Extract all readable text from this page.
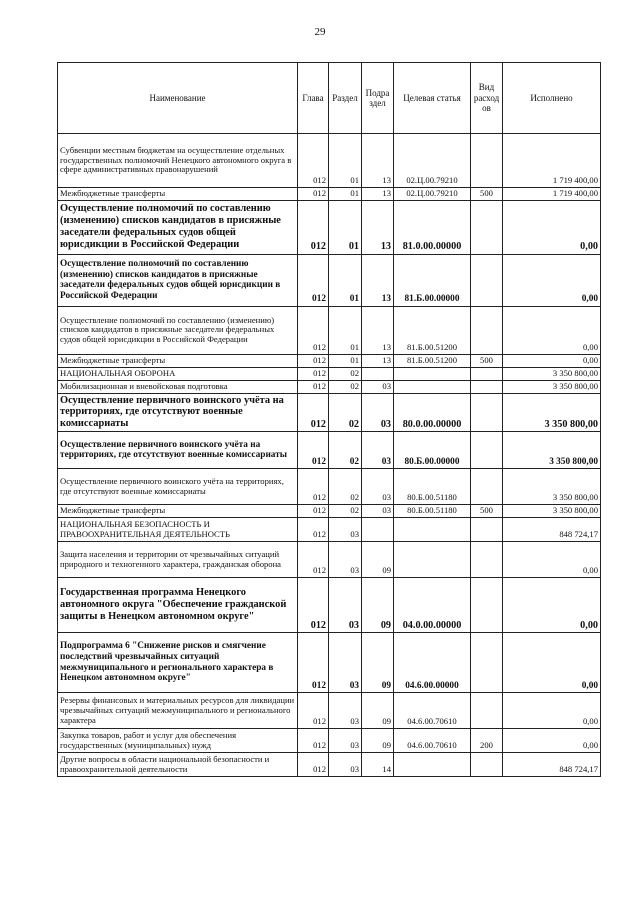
29
Наименование	Глава	Раздел	Подра здел	Целевая статья	Вид расход ов	Исполнено
Субвенции местным бюджетам на осуществление отдельных государственных полномочий Ненецкого автономного округа в сфере административных правонарушений	012	01	13	02.Ц.00.79210		1 719 400,00
Межбюджетные трансферты	012	01	13	02.Ц.00.79210	500	1 719 400,00
Осуществление полномочий по составлению (изменению) списков кандидатов в присяжные заседатели федеральных судов общей юрисдикции в Российской Федерации	012	01	13	81.0.00.00000		0,00
Осуществление полномочий по составлению (изменению) списков кандидатов в присяжные заседатели федеральных судов общей юрисдикции в Российской Федерации	012	01	13	81.Б.00.00000		0,00
Осуществление полномочий по составлению (изменению) списков кандидатов в присяжные заседатели федеральных судов общей юрисдикции в Российской Федерации	012	01	13	81.Б.00.51200		0,00
Межбюджетные трансферты	012	01	13	81.Б.00.51200	500	0,00
НАЦИОНАЛЬНАЯ ОБОРОНА	012	02				3 350 800,00
Мобилизационная и вневойсковая подготовка	012	02	03			3 350 800,00
Осуществление первичного воинского учёта на территориях, где отсутствуют военные комиссариаты	012	02	03	80.0.00.00000		3 350 800,00
Осуществление первичного воинского учёта на территориях, где отсутствуют военные комиссариаты	012	02	03	80.Б.00.00000		3 350 800,00
Осуществление первичного воинского учёта на территориях, где отсутствуют военные комиссариаты	012	02	03	80.Б.00.51180		3 350 800,00
Межбюджетные трансферты	012	02	03	80.Б.00.51180	500	3 350 800,00
НАЦИОНАЛЬНАЯ БЕЗОПАСНОСТЬ И ПРАВООХРАНИТЕЛЬНАЯ ДЕЯТЕЛЬНОСТЬ	012	03				848 724,17
Защита населения и территории от чрезвычайных ситуаций природного и техногенного характера, гражданская оборона	012	03	09			0,00
Государственная программа Ненецкого автономного округа "Обеспечение гражданской защиты в Ненецком автономном округе"	012	03	09	04.0.00.00000		0,00
Подпрограмма 6 "Снижение рисков и смягчение последствий чрезвычайных ситуаций межмуниципального и регионального характера в Ненецком автономном округе"	012	03	09	04.6.00.00000		0,00
Резервы финансовых и материальных ресурсов для ликвидации чрезвычайных ситуаций межмуниципального и регионального характера	012	03	09	04.6.00.70610		0,00
Закупка товаров, работ и услуг для обеспечения государственных (муниципальных) нужд	012	03	09	04.6.00.70610	200	0,00
Другие вопросы в области национальной безопасности и правоохранительной деятельности	012	03	14			848 724,17
